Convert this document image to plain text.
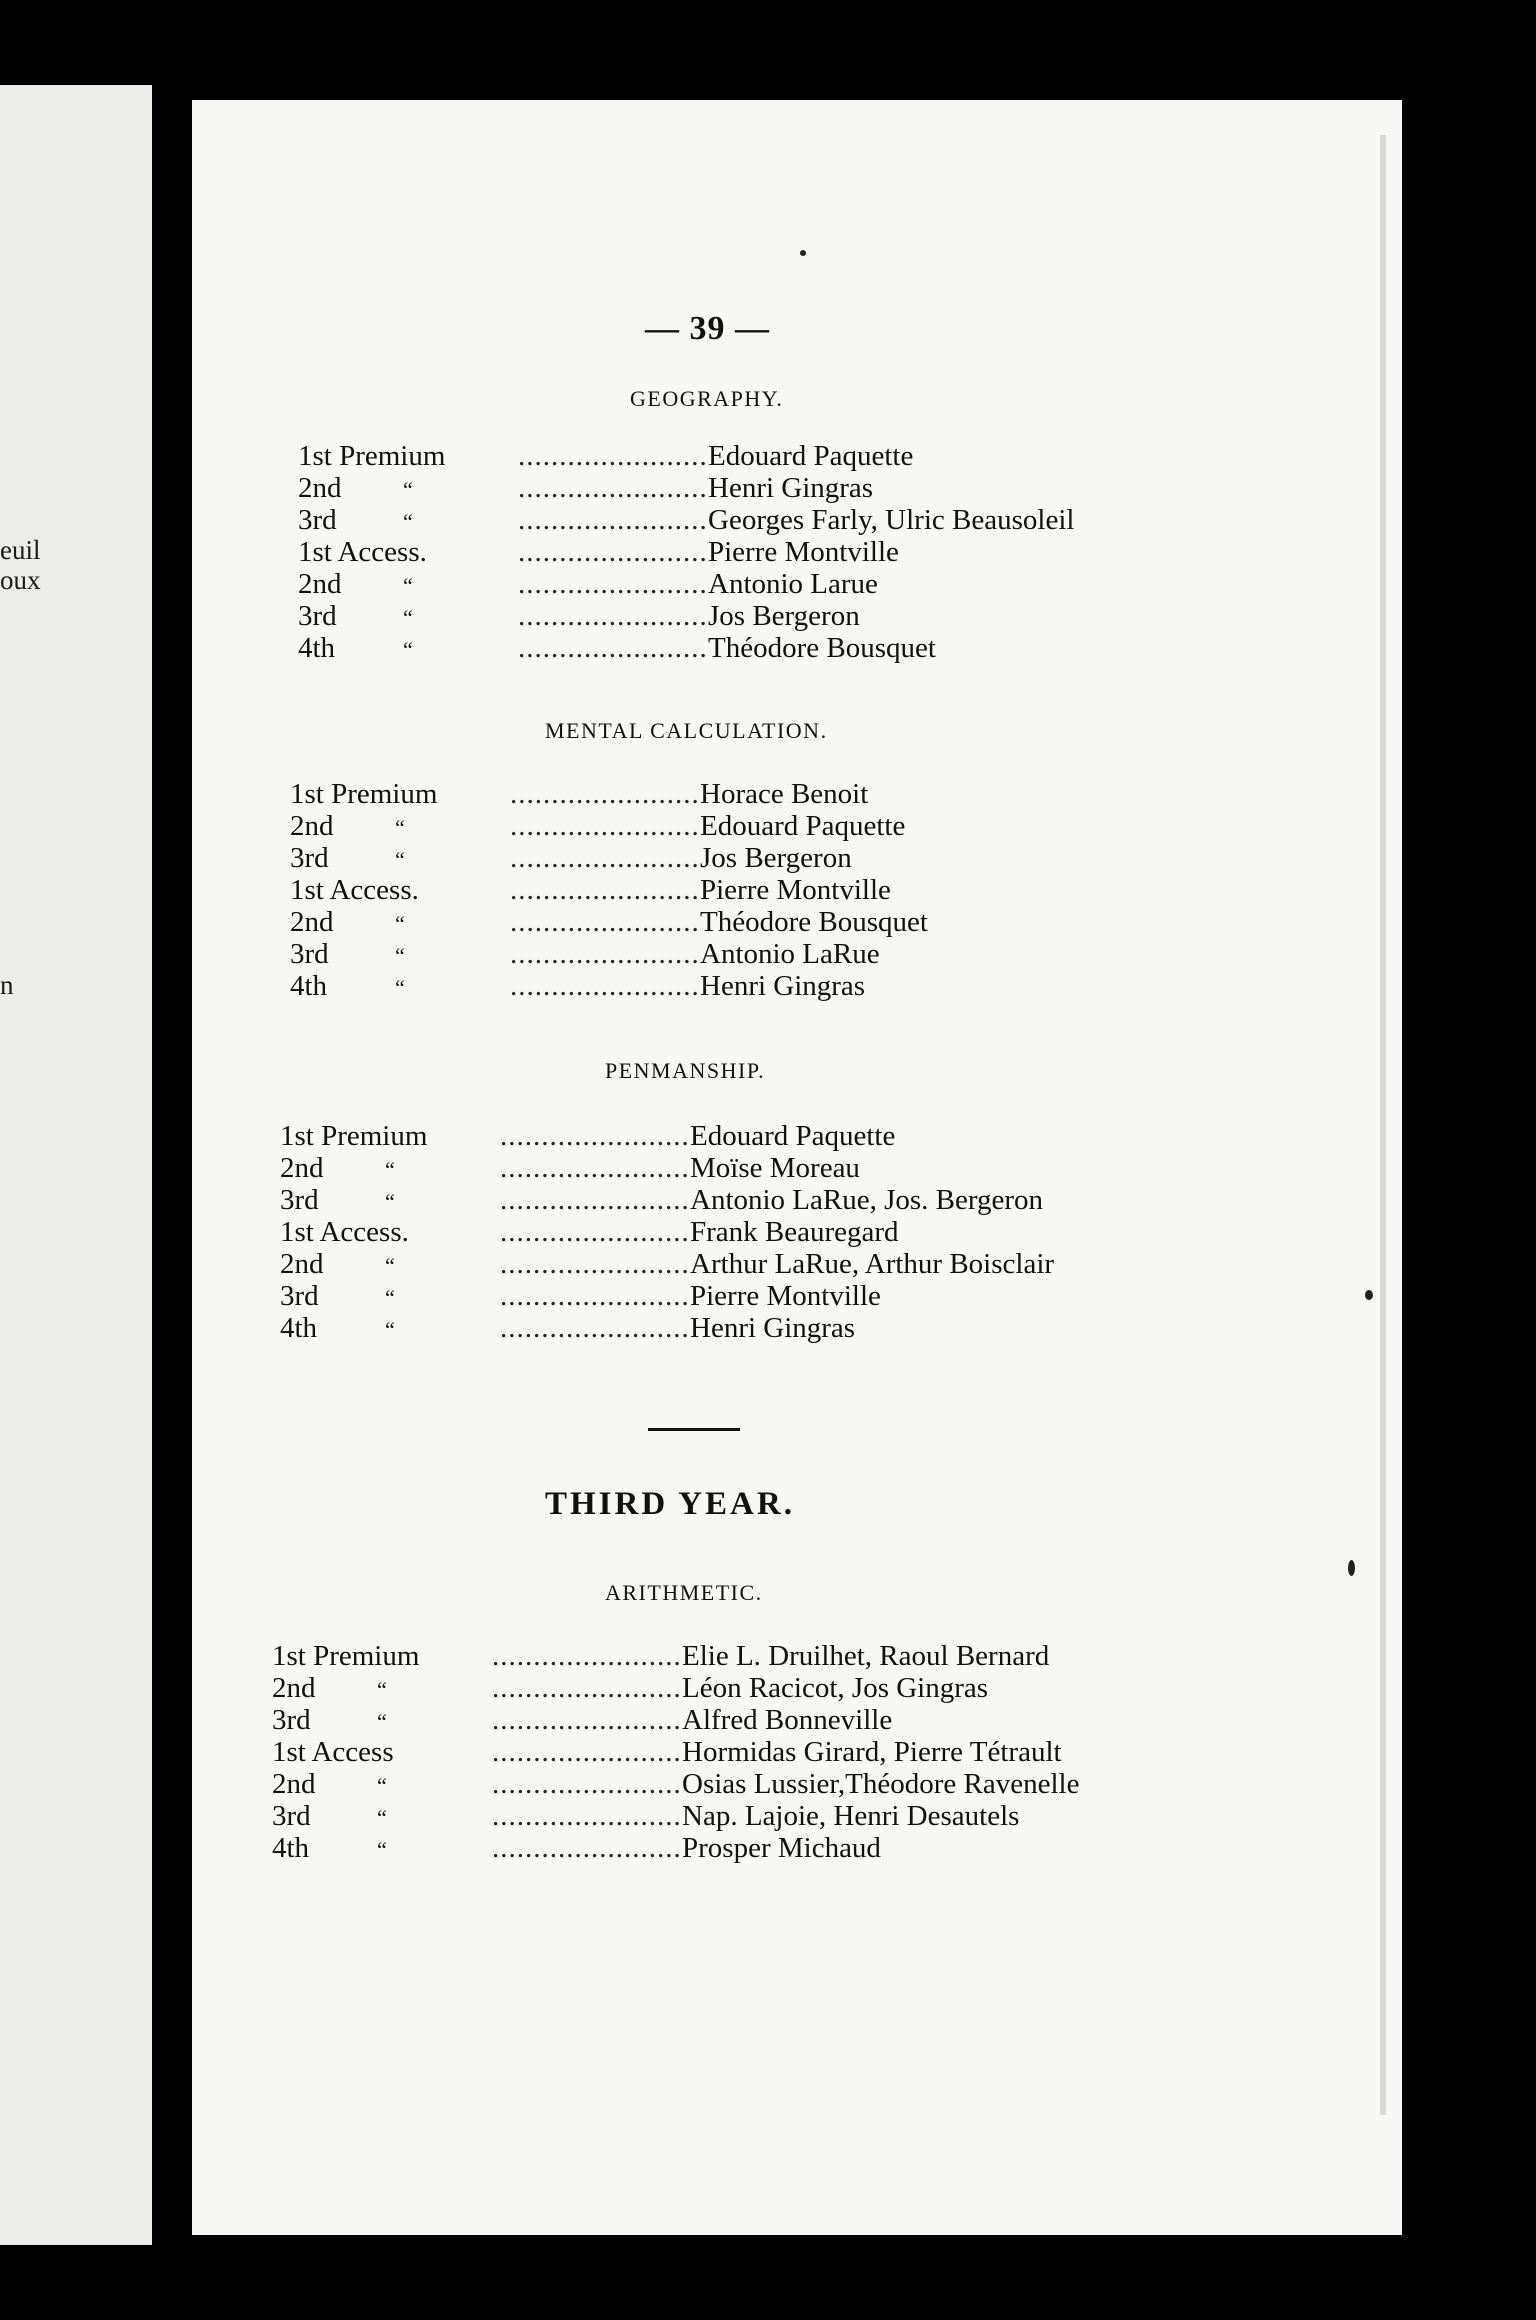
euil
oux
n
— 39 —
GEOGRAPHY.
1st Premium .....	Edouard Paquette
2nd	“ .....	Henri Gingras
3rd	“ .....	Georges Farly, Ulric Beausoleil
1st Access. .....	Pierre Montville
2nd	“ .....	Antonio Larue
3rd	“ .....	Jos Bergeron
4th	“ .....	Théodore Bousquet
MENTAL CALCULATION.
1st Premium .....	Horace Benoit
2nd	“ .....	Edouard Paquette
3rd	“ .....	Jos Bergeron
1st Access. .....	Pierre Montville
2nd	“ .....	Théodore Bousquet
3rd	“ .....	Antonio LaRue
4th	“ .....	Henri Gingras
PENMANSHIP.
1st Premium .....	Edouard Paquette
2nd	“ .....	Moïse Moreau
3rd	“ .....	Antonio LaRue, Jos. Bergeron
1st Access. .....	Frank Beauregard
2nd	“ .....	Arthur LaRue, Arthur Boisclair
3rd	“ .....	Pierre Montville
4th	“ .....	Henri Gingras
THIRD YEAR.
ARITHMETIC.
1st Premium .....	Elie L. Druilhet, Raoul Bernard
2nd	“ .....	Léon Racicot, Jos Gingras
3rd	“ .....	Alfred Bonneville
1st Access .....	Hormidas Girard, Pierre Tétrault
2nd	“ .....	Osias Lussier,Théodore Ravenelle
3rd	“ .....	Nap. Lajoie, Henri Desautels
4th	“ .....	Prosper Michaud
